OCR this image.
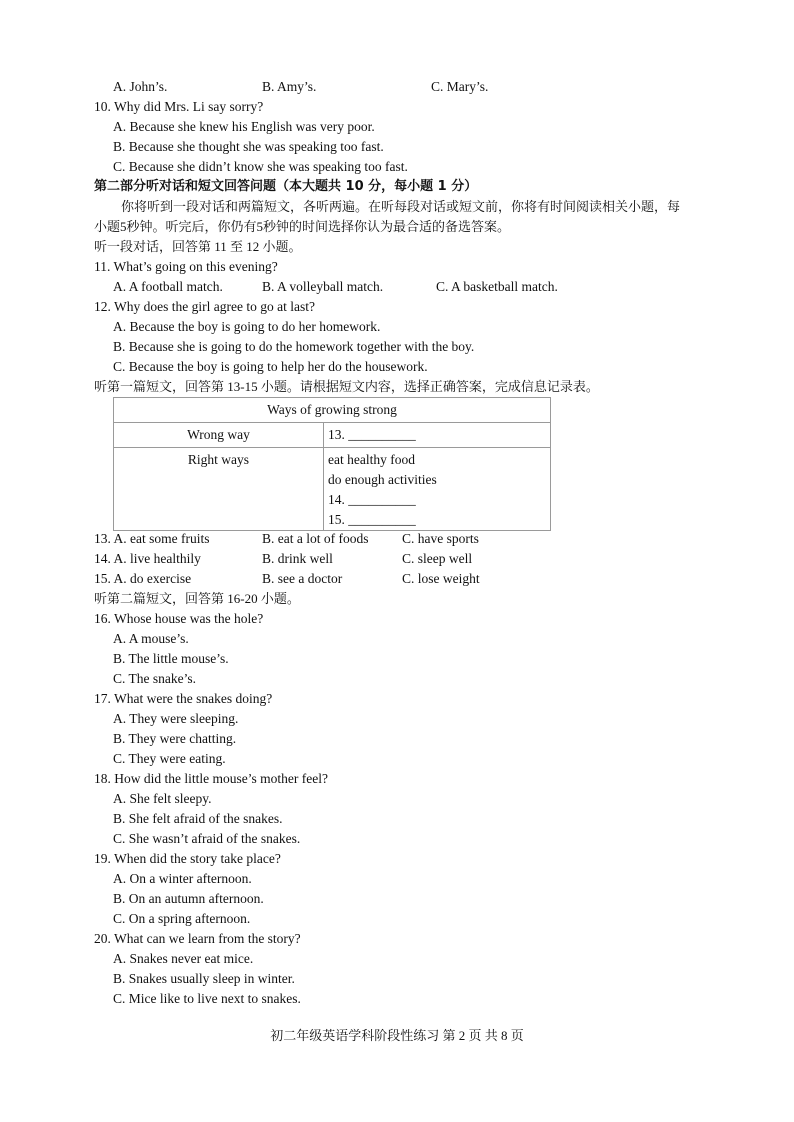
A. John’s.	B. Amy’s.	C. Mary’s.
10. Why did Mrs. Li say sorry?
A. Because she knew his English was very poor.
B. Because she thought she was speaking too fast.
C. Because she didn’t know she was speaking too fast.
第二部分听对话和短文回答问题（本大题共 10 分，每小题 1 分）
你将听到一段对话和两篇短文，各听两遍。在听每段对话或短文前，你将有时间阅读相关小题，每
小题5秒钟。听完后，你仍有5秒钟的时间选择你认为最合适的备选答案。
听一段对话，回答第 11 至 12 小题。
11. What’s going on this evening?
A. A football match.	B. A volleyball match.	C. A basketball match.
12. Why does the girl agree to go at last?
A. Because the boy is going to do her homework.
B. Because she is going to do the homework together with the boy.
C. Because the boy is going to help her do the housework.
听第一篇短文，回答第 13-15 小题。请根据短文内容，选择正确答案，完成信息记录表。
Ways of growing strong	
Wrong way	13. __________
Right ways	eat healthy food
do enough activities
14. __________
15. __________
13. A. eat some fruits	B. eat a lot of foods C. have sports
14. A. live healthily	B. drink well	C. sleep well
15. A. do exercise	B. see a doctor	C. lose weight
听第二篇短文，回答第 16-20 小题。
16. Whose house was the hole?
A. A mouse’s.
B. The little mouse’s.
C. The snake’s.
17. What were the snakes doing?
A. They were sleeping.
B. They were chatting.
C. They were eating.
18. How did the little mouse’s mother feel?
A. She felt sleepy.
B. She felt afraid of the snakes.
C. She wasn’t afraid of the snakes.
19. When did the story take place?
A. On a winter afternoon.
B. On an autumn afternoon.
C. On a spring afternoon.
20. What can we learn from the story?
A. Snakes never eat mice.
B. Snakes usually sleep in winter.
C. Mice like to live next to snakes.
初二年级英语学科阶段性练习 第 2 页 共 8 页
